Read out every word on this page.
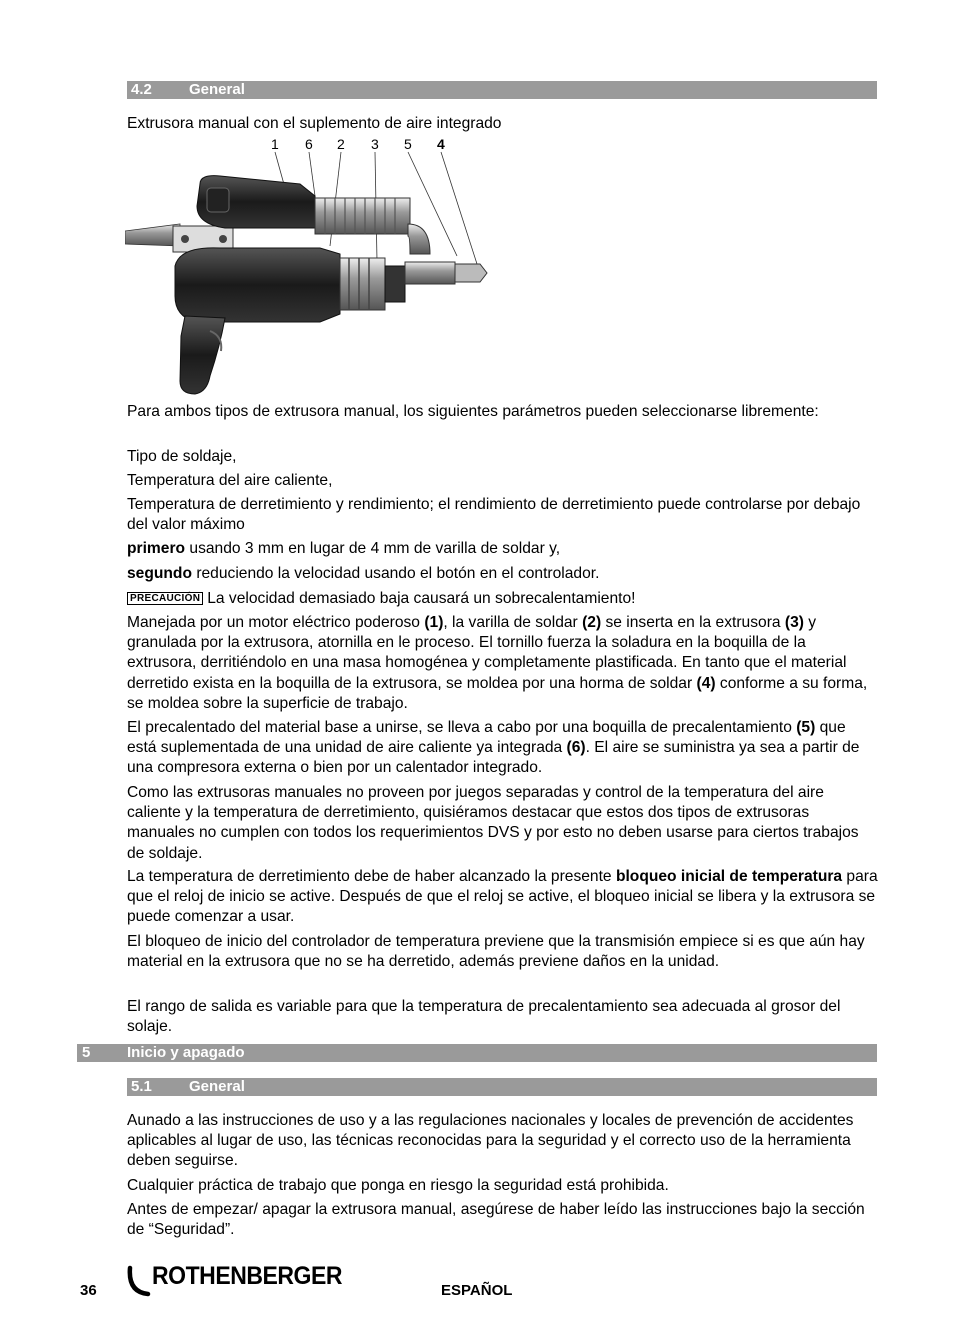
4.2 General

Extrusora manual con el suplemento de aire integrado

1 6 2 3 5 4

Para ambos tipos de extrusora manual, los siguientes parámetros pueden seleccionarse libremente:

Tipo de soldaje,

Temperatura del aire caliente,

Temperatura de derretimiento y rendimiento; el rendimiento de derretimiento puede controlarse por debajo del valor máximo

primero usando 3 mm en lugar de 4 mm de varilla de soldar y,

segundo reduciendo la velocidad usando el botón en el controlador.

PRECAUCIÓN La velocidad demasiado baja causará un sobrecalentamiento!

Manejada por un motor eléctrico poderoso (1), la varilla de soldar (2) se inserta en la extrusora (3) y granulada por la extrusora, atornilla en le proceso. El tornillo fuerza la soladura en la boquilla de la extrusora, derritiéndolo en una masa homogénea y completamente plastificada. En tanto que el material derretido exista en la boquilla de la extrusora, se moldea por una horma de soldar (4) conforme a su forma, se moldea sobre la superficie de trabajo.

El precalentado del material base a unirse, se lleva a cabo por una boquilla de precalentamiento (5) que está suplementada de una unidad de aire caliente ya integrada (6). El aire se suministra ya sea a partir de una compresora externa o bien por un calentador integrado.

Como las extrusoras manuales no proveen por juegos separadas y control de la temperatura del aire caliente y la temperatura de derretimiento, quisiéramos destacar que estos dos tipos de extrusoras manuales no cumplen con todos los requerimientos DVS y por esto no deben usarse para ciertos trabajos de soldaje.

La temperatura de derretimiento debe de haber alcanzado la presente bloqueo inicial de temperatura para que el reloj de inicio se active. Después de que el reloj se active, el bloqueo inicial se libera y la extrusora se puede comenzar a usar.

El bloqueo de inicio del controlador de temperatura previene que la transmisión empiece si es que aún hay material en la extrusora que no se ha derretido, además previene daños en la unidad.

El rango de salida es variable para que la temperatura de precalentamiento sea adecuada al grosor del solaje.

5 Inicio y apagado
5.1 General

Aunado a las instrucciones de uso y a las regulaciones nacionales y locales de prevención de accidentes aplicables al lugar de uso, las técnicas reconocidas para la seguridad y el correcto uso de la herramienta deben seguirse.

Cualquier práctica de trabajo que ponga en riesgo la seguridad está prohibida.

Antes de empezar/ apagar la extrusora manual, asegúrese de haber leído las instrucciones bajo la sección de “Seguridad”.

36
ROTHENBERGER
ESPAÑOL
